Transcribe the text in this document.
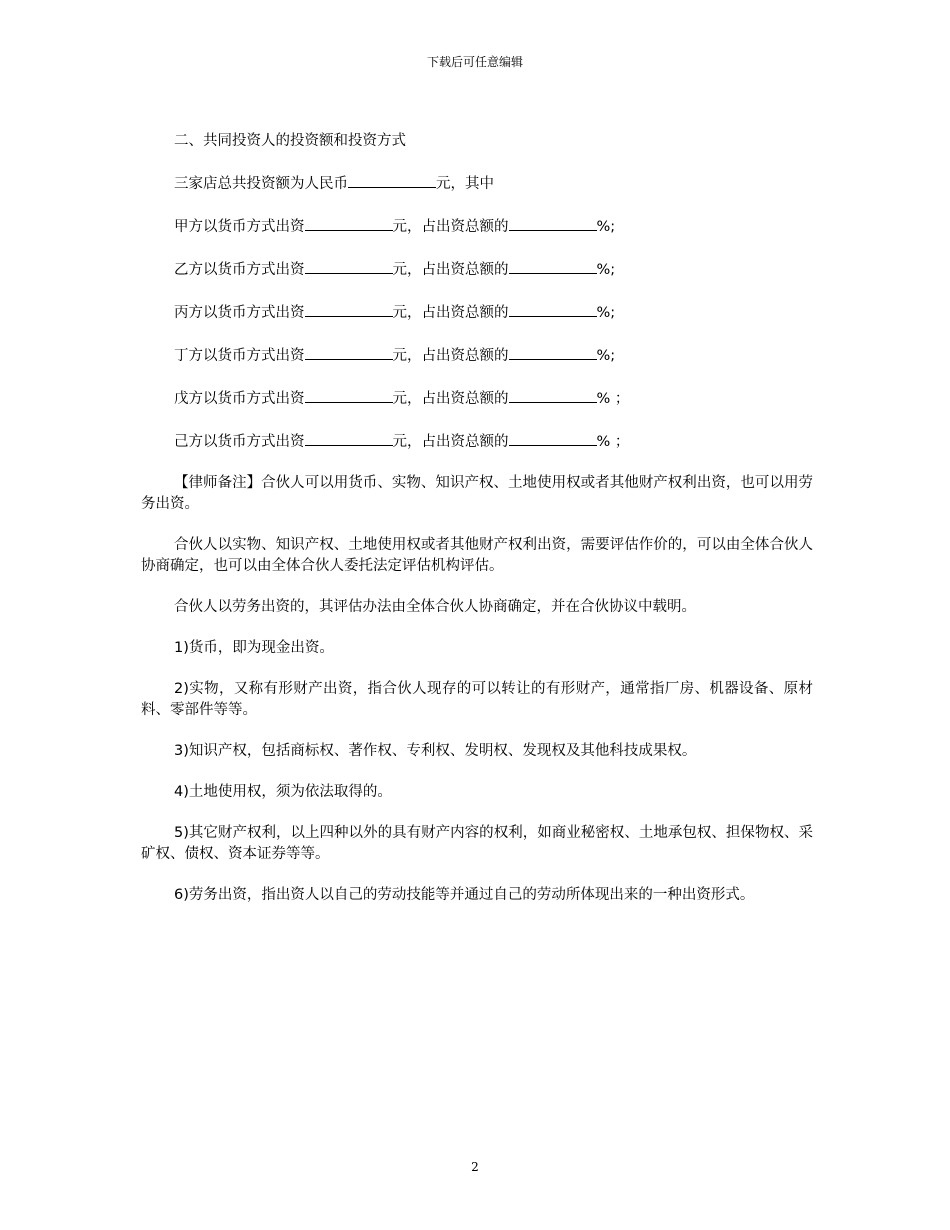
下载后可任意编辑

二、共同投资人的投资额和投资方式

三家店总共投资额为人民币	元，其中

甲方以货币方式出资	元，占出资总额的	%;

乙方以货币方式出资	元，占出资总额的	%;

丙方以货币方式出资	元，占出资总额的	%;

丁方以货币方式出资	元，占出资总额的	%;

戊方以货币方式出资	元，占出资总额的	% ；

己方以货币方式出资	元，占出资总额的	% ；

【律师备注】合伙人可以用货币、实物、知识产权、土地使用权或者其他财产权利出资，也可以用劳务出资。

合伙人以实物、知识产权、土地使用权或者其他财产权利出资，需要评估作价的，可以由全体合伙人协商确定，也可以由全体合伙人委托法定评估机构评估。

合伙人以劳务出资的，其评估办法由全体合伙人协商确定，并在合伙协议中载明。

1)货币，即为现金出资。

2)实物，又称有形财产出资，指合伙人现存的可以转让的有形财产，通常指厂房、机器设备、原材料、零部件等等。

3)知识产权，包括商标权、著作权、专利权、发明权、发现权及其他科技成果权。

4)土地使用权，须为依法取得的。

5)其它财产权利，以上四种以外的具有财产内容的权利，如商业秘密权、土地承包权、担保物权、采矿权、债权、资本证券等等。

6)劳务出资，指出资人以自己的劳动技能等并通过自己的劳动所体现出来的一种出资形式。

2
